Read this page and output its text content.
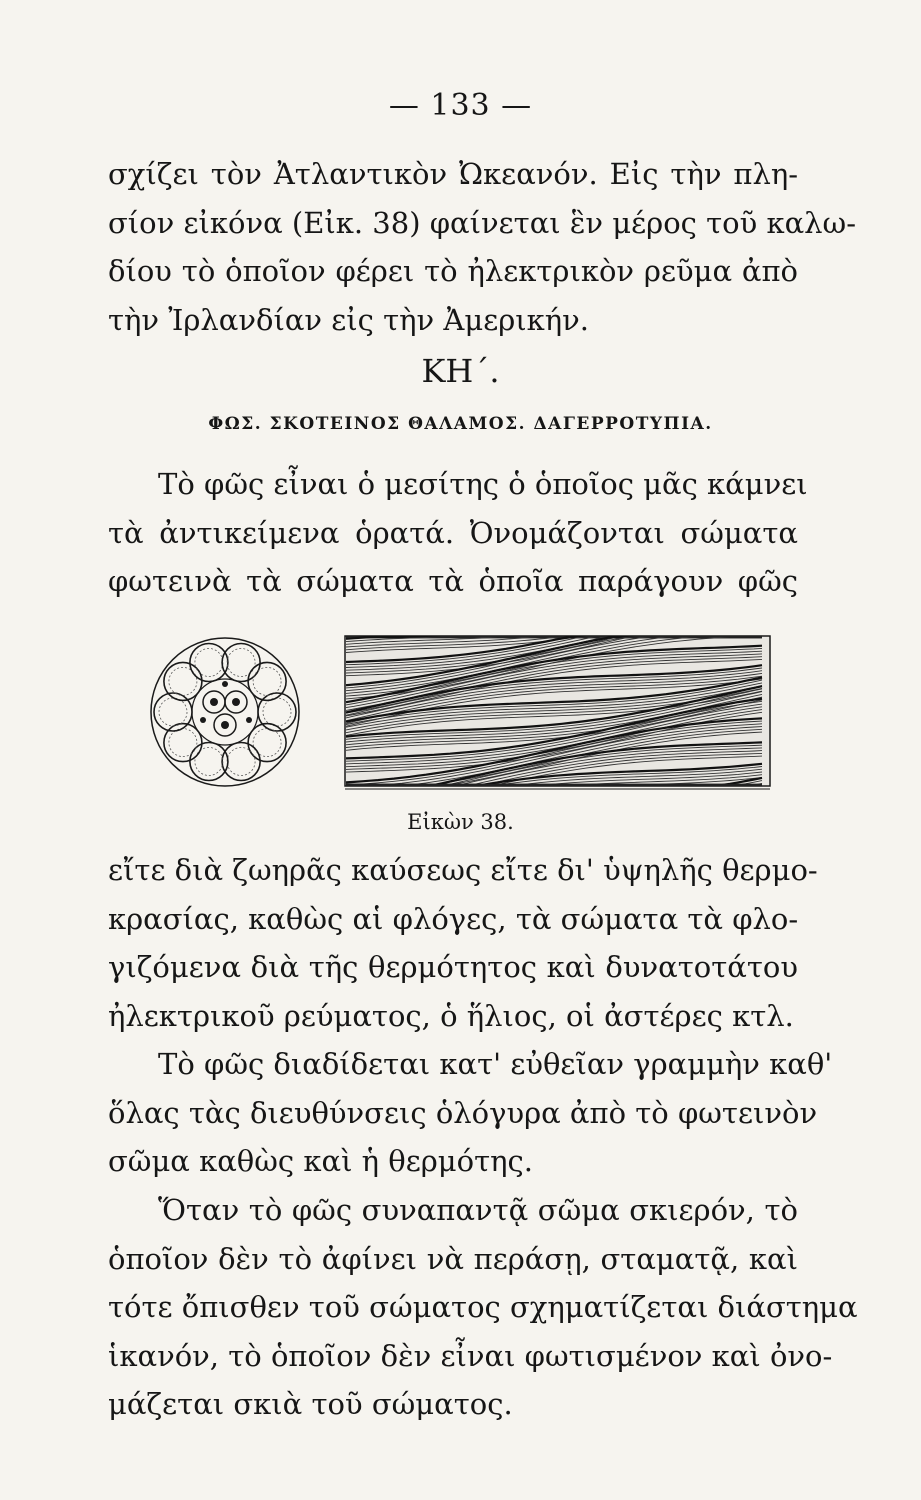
— 133 —
σχίζει τὸν Ἀτλαντικὸν Ὠκεανόν. Εἰς τὴν πλη-
σίον εἰκόνα (Εἰκ. 38) φαίνεται ἓν μέρος τοῦ καλω-
δίου τὸ ὁποῖον φέρει τὸ ἠλεκτρικὸν ρεῦμα ἀπὸ
τὴν Ἰρλανδίαν εἰς τὴν Ἀμερικήν.
ΚΗ΄.
ΦΩΣ. ΣΚΟΤΕΙΝΟΣ ΘΑΛΑΜΟΣ. ΔΑΓΕΡΡΟΤΥΠΙΑ.
Τὸ φῶς εἶναι ὁ μεσίτης ὁ ὁποῖος μᾶς κάμνει
τὰ ἀντικείμενα ὁρατά. Ὀνομάζονται σώματα
φωτεινὰ τὰ σώματα τὰ ὁποῖα παράγουν φῶς
Εἰκὼν 38.
εἴτε διὰ ζωηρᾶς καύσεως εἴτε δι' ὑψηλῆς θερμο-
κρασίας, καθὼς αἱ φλόγες, τὰ σώματα τὰ φλο-
γιζόμενα διὰ τῆς θερμότητος καὶ δυνατοτάτου
ἠλεκτρικοῦ ρεύματος, ὁ ἥλιος, οἱ ἀστέρες κτλ.
Τὸ φῶς διαδίδεται κατ' εὐθεῖαν γραμμὴν καθ'
ὅλας τὰς διευθύνσεις ὁλόγυρα ἀπὸ τὸ φωτεινὸν
σῶμα καθὼς καὶ ἡ θερμότης.
Ὅταν τὸ φῶς συναπαντᾷ σῶμα σκιερόν, τὸ
ὁποῖον δὲν τὸ ἀφίνει νὰ περάσῃ, σταματᾷ, καὶ
τότε ὄπισθεν τοῦ σώματος σχηματίζεται διάστημα
ἱκανόν, τὸ ὁποῖον δὲν εἶναι φωτισμένον καὶ ὀνο-
μάζεται σκιὰ τοῦ σώματος.
